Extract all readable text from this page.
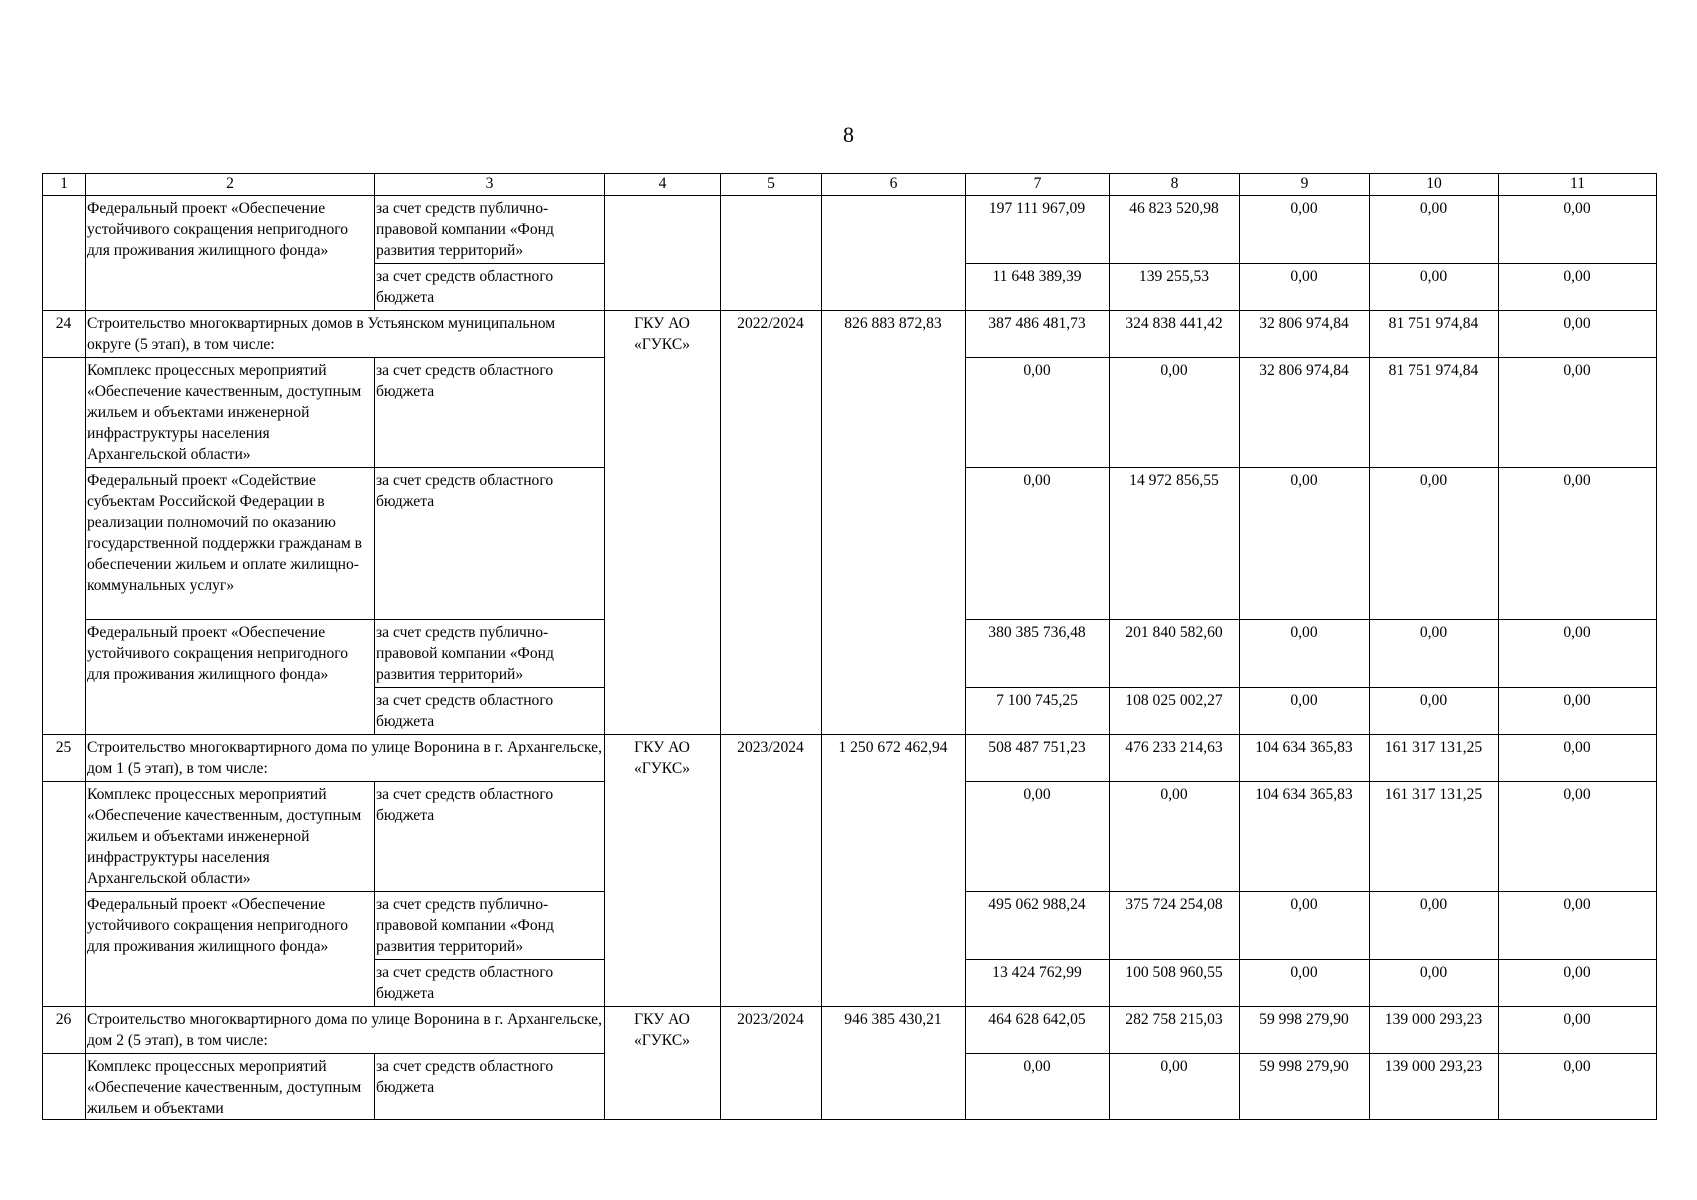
8
1	2	3	4	5	6	7	8	9	10	11
	Федеральный проект «Обеспечение устойчивого сокращения непригодного для проживания жилищного фонда»	за счет средств публично-правовой компании «Фонд развития территорий»				197 111 967,09	46 823 520,98	0,00	0,00	0,00
		за счет средств областного бюджета				11 648 389,39	139 255,53	0,00	0,00	0,00
24	Строительство многоквартирных домов в Устьянском муниципальном округе (5 этап), в том числе:		ГКУ АО «ГУКС»	2022/2024	826 883 872,83	387 486 481,73	324 838 441,42	32 806 974,84	81 751 974,84	0,00
	Комплекс процессных мероприятий «Обеспечение качественным, доступным жильем и объектами инженерной инфраструктуры населения Архангельской области»	за счет средств областного бюджета				0,00	0,00	32 806 974,84	81 751 974,84	0,00
	Федеральный проект «Содействие субъектам Российской Федерации в реализации полномочий по оказанию государственной поддержки гражданам в обеспечении жильем и оплате жилищно-коммунальных услуг»	за счет средств областного бюджета				0,00	14 972 856,55	0,00	0,00	0,00
	Федеральный проект «Обеспечение устойчивого сокращения непригодного для проживания жилищного фонда»	за счет средств публично-правовой компании «Фонд развития территорий»				380 385 736,48	201 840 582,60	0,00	0,00	0,00
		за счет средств областного бюджета				7 100 745,25	108 025 002,27	0,00	0,00	0,00
25	Строительство многоквартирного дома по улице Воронина в г. Архангельске, дом 1 (5 этап), в том числе:		ГКУ АО «ГУКС»	2023/2024	1 250 672 462,94	508 487 751,23	476 233 214,63	104 634 365,83	161 317 131,25	0,00
	Комплекс процессных мероприятий «Обеспечение качественным, доступным жильем и объектами инженерной инфраструктуры населения Архангельской области»	за счет средств областного бюджета				0,00	0,00	104 634 365,83	161 317 131,25	0,00
	Федеральный проект «Обеспечение устойчивого сокращения непригодного для проживания жилищного фонда»	за счет средств публично-правовой компании «Фонд развития территорий»				495 062 988,24	375 724 254,08	0,00	0,00	0,00
		за счет средств областного бюджета				13 424 762,99	100 508 960,55	0,00	0,00	0,00
26	Строительство многоквартирного дома по улице Воронина в г. Архангельске, дом 2 (5 этап), в том числе:		ГКУ АО «ГУКС»	2023/2024	946 385 430,21	464 628 642,05	282 758 215,03	59 998 279,90	139 000 293,23	0,00
	Комплекс процессных мероприятий «Обеспечение качественным, доступным жильем и объектами	за счет средств областного бюджета				0,00	0,00	59 998 279,90	139 000 293,23	0,00
